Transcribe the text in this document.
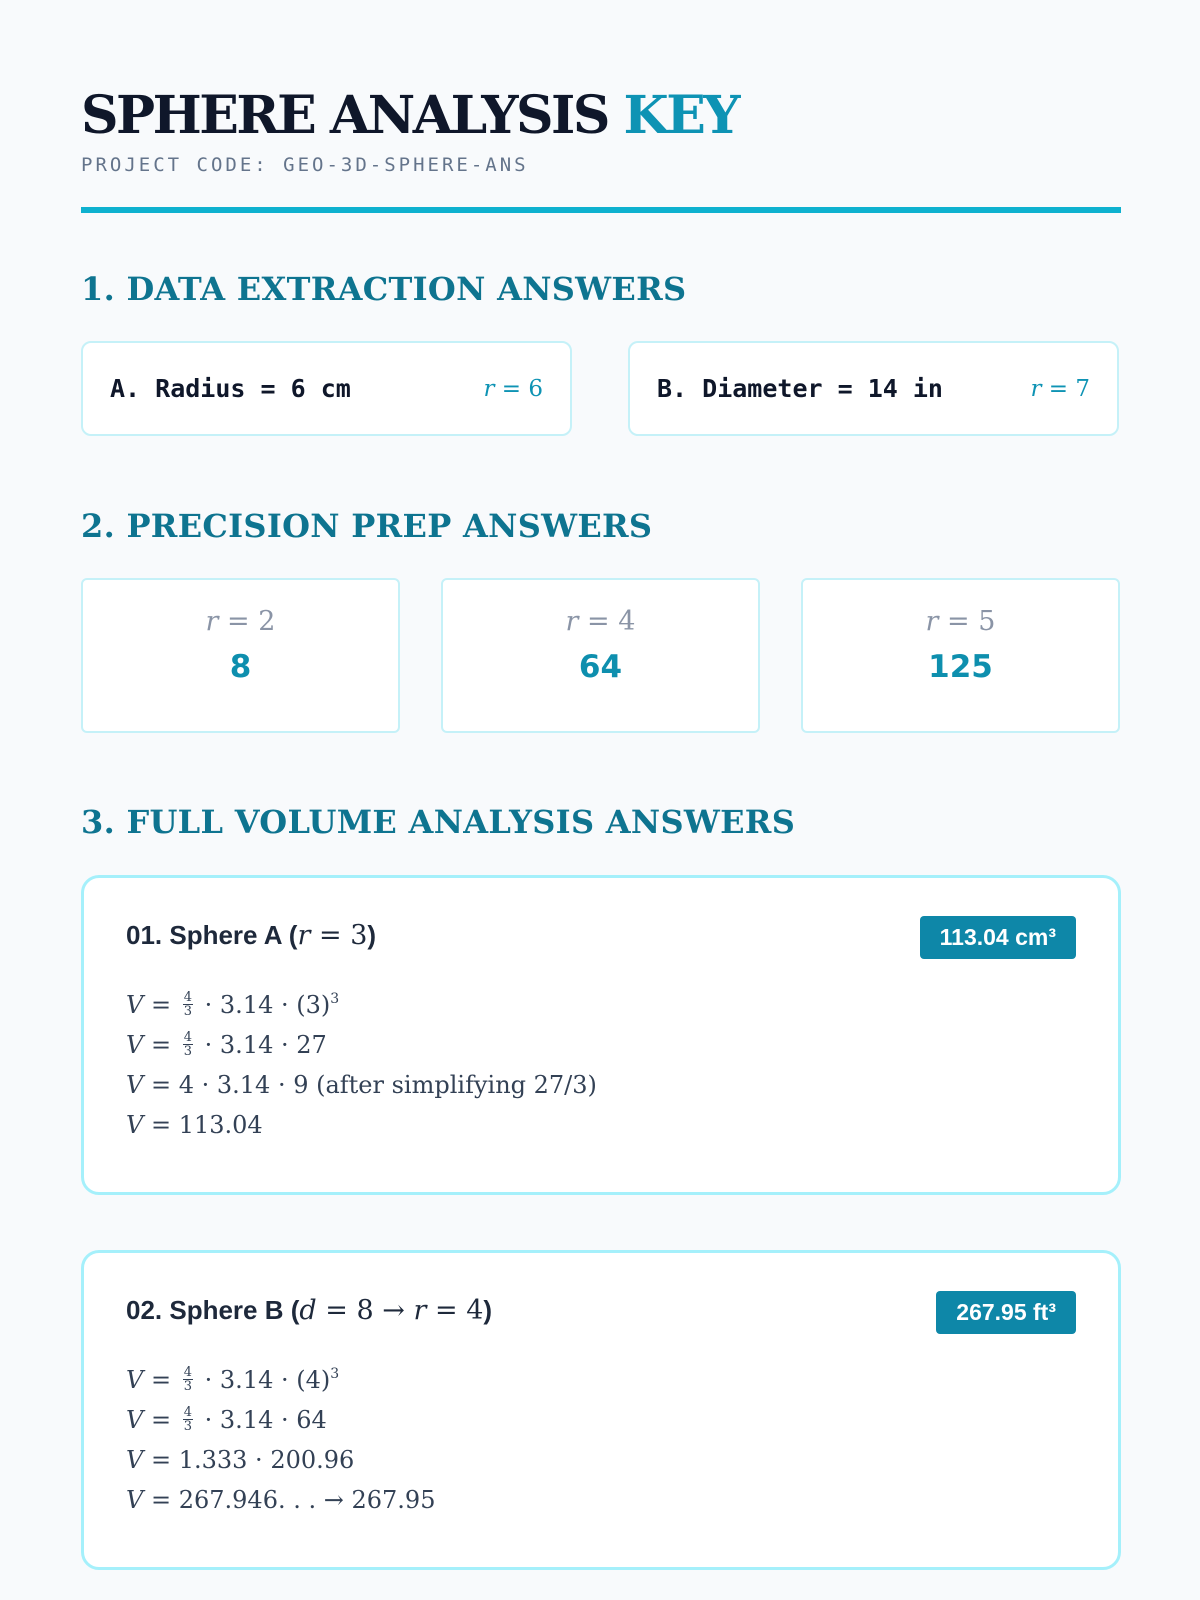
SPHERE ANALYSIS KEY
PROJECT CODE: GEO-3D-SPHERE-ANS
1. DATA EXTRACTION ANSWERS
A. Radius = 6 cm	r = 6	B. Diameter = 14 in	r = 7
2. PRECISION PREP ANSWERS
r = 2
8
r = 4
64
r = 5
125
3. FULL VOLUME ANALYSIS ANSWERS
01. Sphere A (r = 3)	113.04 cm³
$V = \frac{4}{3} \cdot 3.14 \cdot (3)^3$
$V = \frac{4}{3} \cdot 3.14 \cdot 27$
V = 4 · 3.14 · 9 (after simplifying 27/3)
V = 113.04
02. Sphere B (d = 8 → r = 4)	267.95 ft³
$V = \frac{4}{3} \cdot 3.14 \cdot (4)^3$
$V = \frac{4}{3} \cdot 3.14 \cdot 64$
V = 1.333 · 200.96
V = 267.946. . . → 267.95
